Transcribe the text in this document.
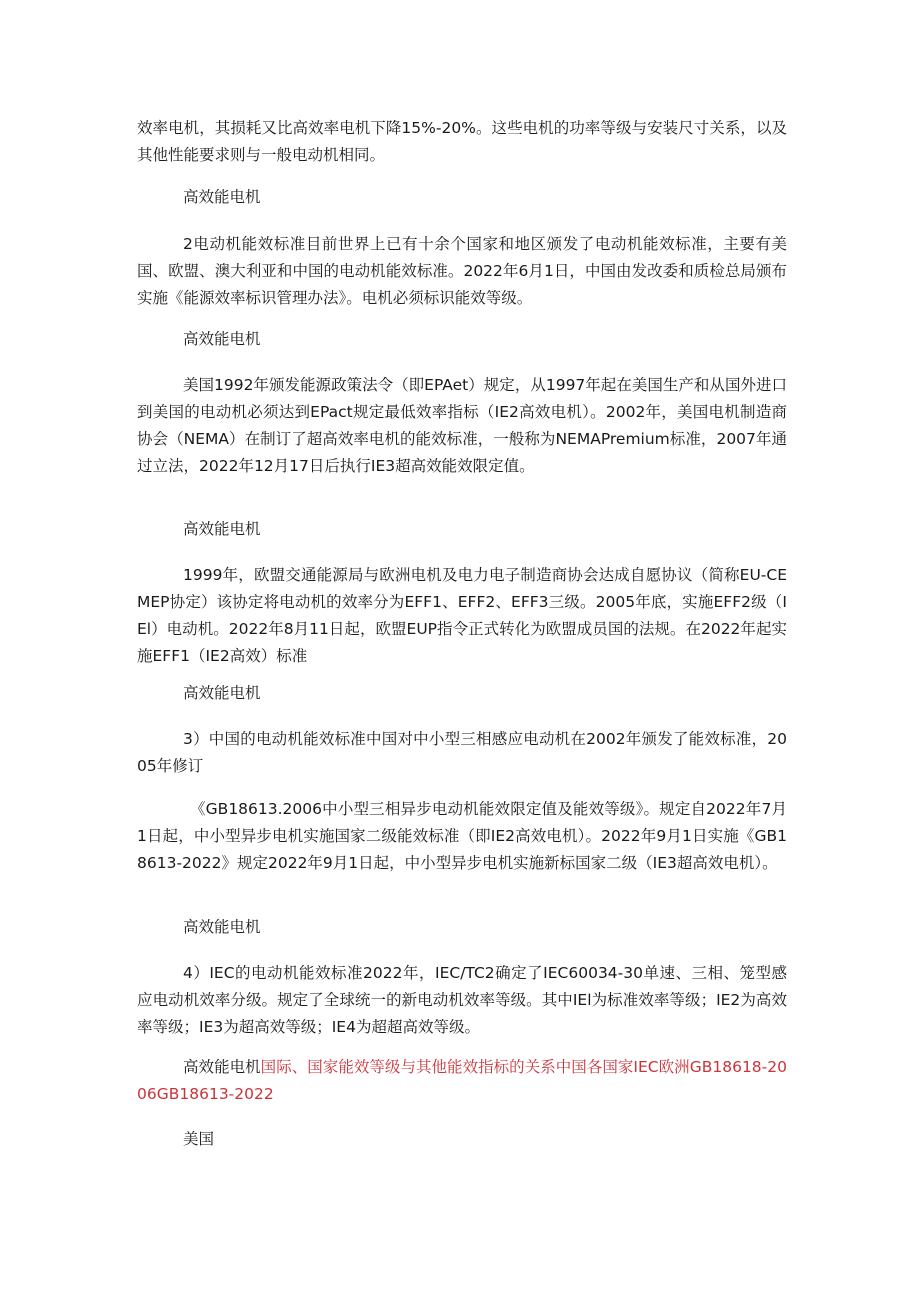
效率电机，其损耗又比高效率电机下降15%-20%。这些电机的功率等级与安装尺寸关系，以及其他性能要求则与一般电动机相同。

高效能电机

2电动机能效标准目前世界上已有十余个国家和地区颁发了电动机能效标准，主要有美国、欧盟、澳大利亚和中国的电动机能效标准。2022年6月1日，中国由发改委和质检总局颁布实施《能源效率标识管理办法》。电机必须标识能效等级。

高效能电机

美国1992年颁发能源政策法令（即EPAet）规定，从1997年起在美国生产和从国外进口到美国的电动机必须达到EPact规定最低效率指标（IE2高效电机）。2002年，美国电机制造商协会（NEMA）在制订了超高效率电机的能效标准，一般称为NEMAPremium标准，2007年通过立法，2022年12月17日后执行IE3超高效能效限定值。

高效能电机

1999年，欧盟交通能源局与欧洲电机及电力电子制造商协会达成自愿协议（简称EU-CEMEP协定）该协定将电动机的效率分为EFF1、EFF2、EFF3三级。2005年底，实施EFF2级（IEl）电动机。2022年8月11日起，欧盟EUP指令正式转化为欧盟成员国的法规。在2022年起实施EFF1（IE2高效）标准

高效能电机

3）中国的电动机能效标准中国对中小型三相感应电动机在2002年颁发了能效标准，2005年修订

《GB18613.2006中小型三相异步电动机能效限定值及能效等级》。规定自2022年7月1日起，中小型异步电机实施国家二级能效标准（即IE2高效电机）。2022年9月1日实施《GB18613-2022》规定2022年9月1日起，中小型异步电机实施新标国家二级（IE3超高效电机）。

高效能电机

4）IEC的电动机能效标准2022年，IEC/TC2确定了IEC60034-30单速、三相、笼型感应电动机效率分级。规定了全球统一的新电动机效率等级。其中IEl为标准效率等级；IE2为高效率等级；IE3为超高效等级；IE4为超超高效等级。

高效能电机国际、国家能效等级与其他能效指标的关系中国各国家IEC欧洲GB18618-2006GB18613-2022

美国
